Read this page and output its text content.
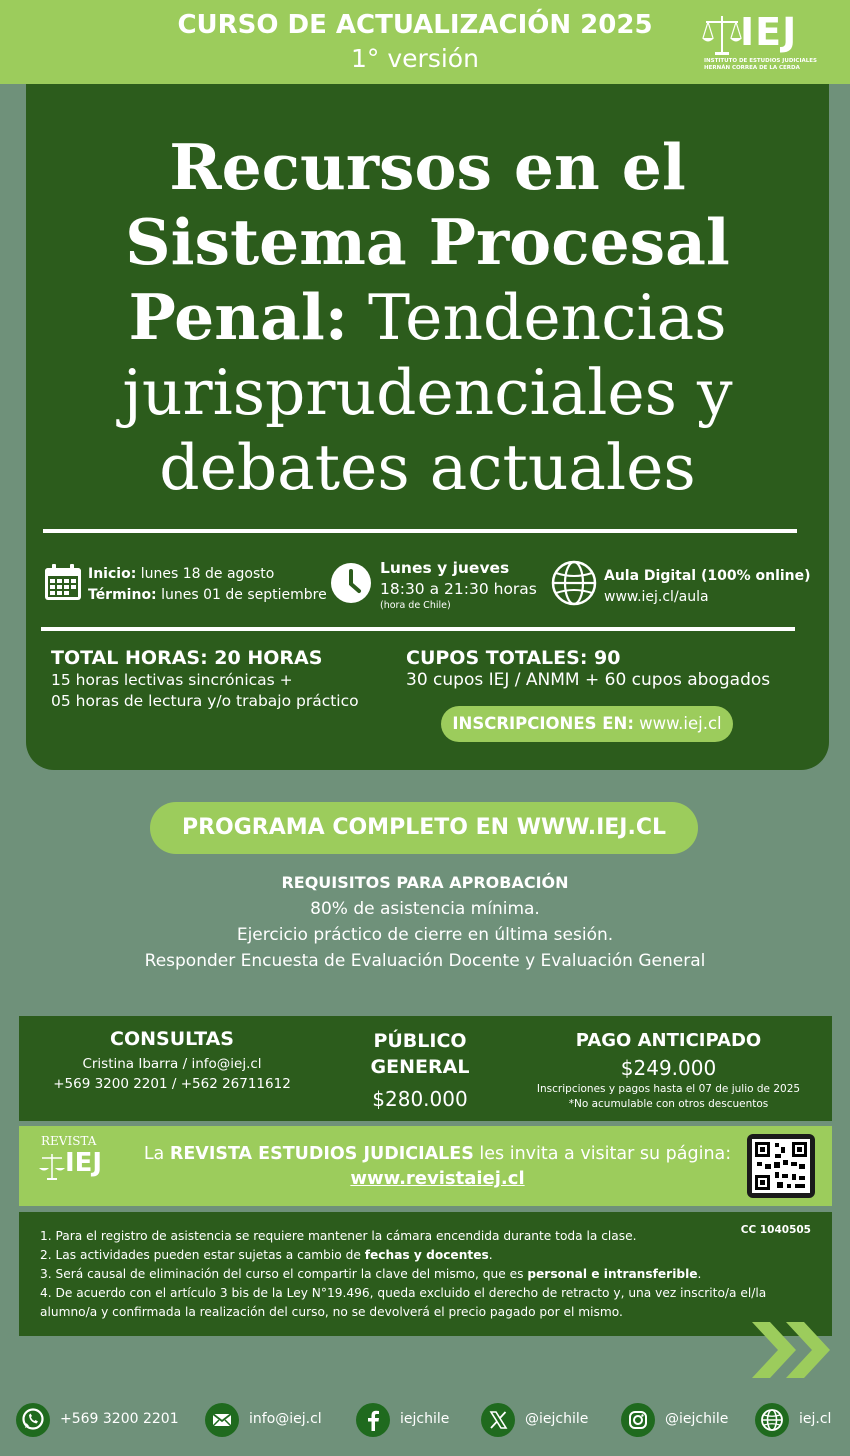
CURSO DE ACTUALIZACIÓN 2025
1° versión
IEJ
INSTITUTO DE ESTUDIOS JUDICIALES
HERNÁN CORREA DE LA CERDA
Recursos en el
Sistema Procesal
Penal: Tendencias
jurisprudenciales y
debates actuales
Inicio: lunes 18 de agosto
Término: lunes 01 de septiembre
Lunes y jueves
18:30 a 21:30 horas
(hora de Chile)
Aula Digital (100% online)
www.iej.cl/aula
TOTAL HORAS: 20 HORAS
15 horas lectivas sincrónicas +
05 horas de lectura y/o trabajo práctico
CUPOS TOTALES: 90
30 cupos IEJ / ANMM + 60 cupos abogados
INSCRIPCIONES EN: www.iej.cl
PROGRAMA COMPLETO EN WWW.IEJ.CL
REQUISITOS PARA APROBACIÓN
80% de asistencia mínima.
Ejercicio práctico de cierre en última sesión.
Responder Encuesta de Evaluación Docente y Evaluación General
CONSULTAS
Cristina Ibarra / info@iej.cl
+569 3200 2201 / +562 26711612
PÚBLICO GENERAL
$280.000
PAGO ANTICIPADO
$249.000
Inscripciones y pagos hasta el 07 de julio de 2025
*No acumulable con otros descuentos
REVISTA
IEJ	La REVISTA ESTUDIOS JUDICIALES les invita a visitar su página:
www.revistaiej.cl
CC 1040505
1. Para el registro de asistencia se requiere mantener la cámara encendida durante toda la clase.
2. Las actividades pueden estar sujetas a cambio de fechas y docentes.
3. Será causal de eliminación del curso el compartir la clave del mismo, que es personal e intransferible.
4. De acuerdo con el artículo 3 bis de la Ley N°19.496, queda excluido el derecho de retracto y, una vez inscrito/a el/la alumno/a y confirmada la realización del curso, no se devolverá el precio pagado por el mismo.
+569 3200 2201	info@iej.cl	iejchile	@iejchile	@iejchile	iej.cl
